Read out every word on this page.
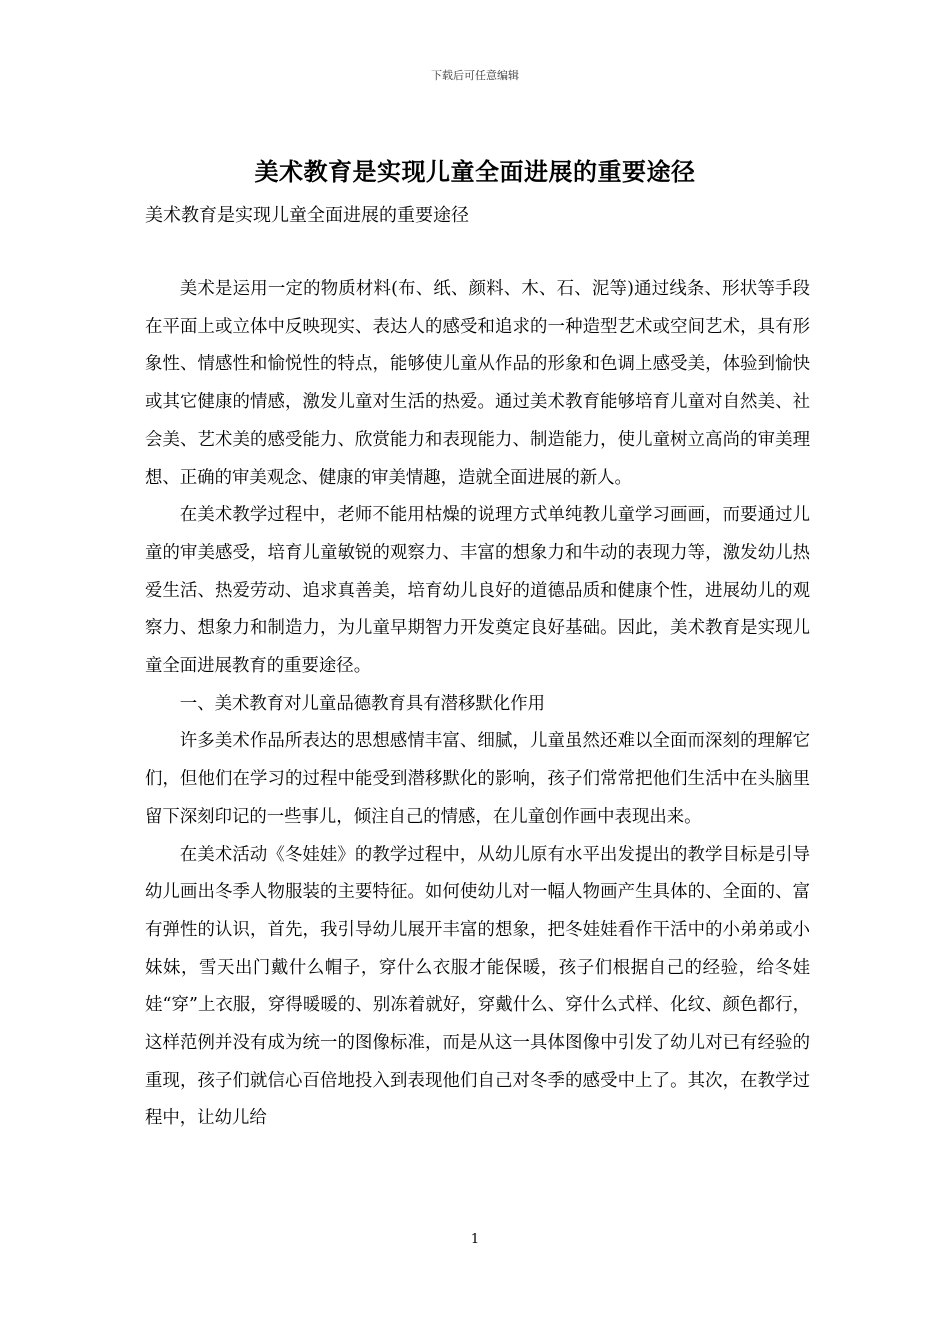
下载后可任意编辑
美术教育是实现儿童全面进展的重要途径
美术教育是实现儿童全面进展的重要途径

美术是运用一定的物质材料(布、纸、颜料、木、石、泥等)通过线条、形状等手段在平面上或立体中反映现实、表达人的感受和追求的一种造型艺术或空间艺术，具有形象性、情感性和愉悦性的特点，能够使儿童从作品的形象和色调上感受美，体验到愉快或其它健康的情感，激发儿童对生活的热爱。通过美术教育能够培育儿童对自然美、社会美、艺术美的感受能力、欣赏能力和表现能力、制造能力，使儿童树立高尚的审美理想、正确的审美观念、健康的审美情趣，造就全面进展的新人。

在美术教学过程中，老师不能用枯燥的说理方式单纯教儿童学习画画，而要通过儿童的审美感受，培育儿童敏锐的观察力、丰富的想象力和牛动的表现力等，激发幼儿热爱生活、热爱劳动、追求真善美，培育幼儿良好的道德品质和健康个性，进展幼儿的观察力、想象力和制造力，为儿童早期智力开发奠定良好基础。因此，美术教育是实现儿童全面进展教育的重要途径。

一、美术教育对儿童品德教育具有潜移默化作用

许多美术作品所表达的思想感情丰富、细腻，儿童虽然还难以全面而深刻的理解它们，但他们在学习的过程中能受到潜移默化的影响，孩子们常常把他们生活中在头脑里留下深刻印记的一些事儿，倾注自己的情感，在儿童创作画中表现出来。

在美术活动《冬娃娃》的教学过程中，从幼儿原有水平出发提出的教学目标是引导幼儿画出冬季人物服装的主要特征。如何使幼儿对一幅人物画产生具体的、全面的、富有弹性的认识，首先，我引导幼儿展开丰富的想象，把冬娃娃看作干活中的小弟弟或小妹妹，雪天出门戴什么帽子，穿什么衣服才能保暖，孩子们根据自己的经验，给冬娃娃“穿”上衣服，穿得暖暖的、别冻着就好，穿戴什么、穿什么式样、化纹、颜色都行，这样范例并没有成为统一的图像标准，而是从这一具体图像中引发了幼儿对已有经验的重现，孩子们就信心百倍地投入到表现他们自己对冬季的感受中上了。其次，在教学过程中，让幼儿给

1
